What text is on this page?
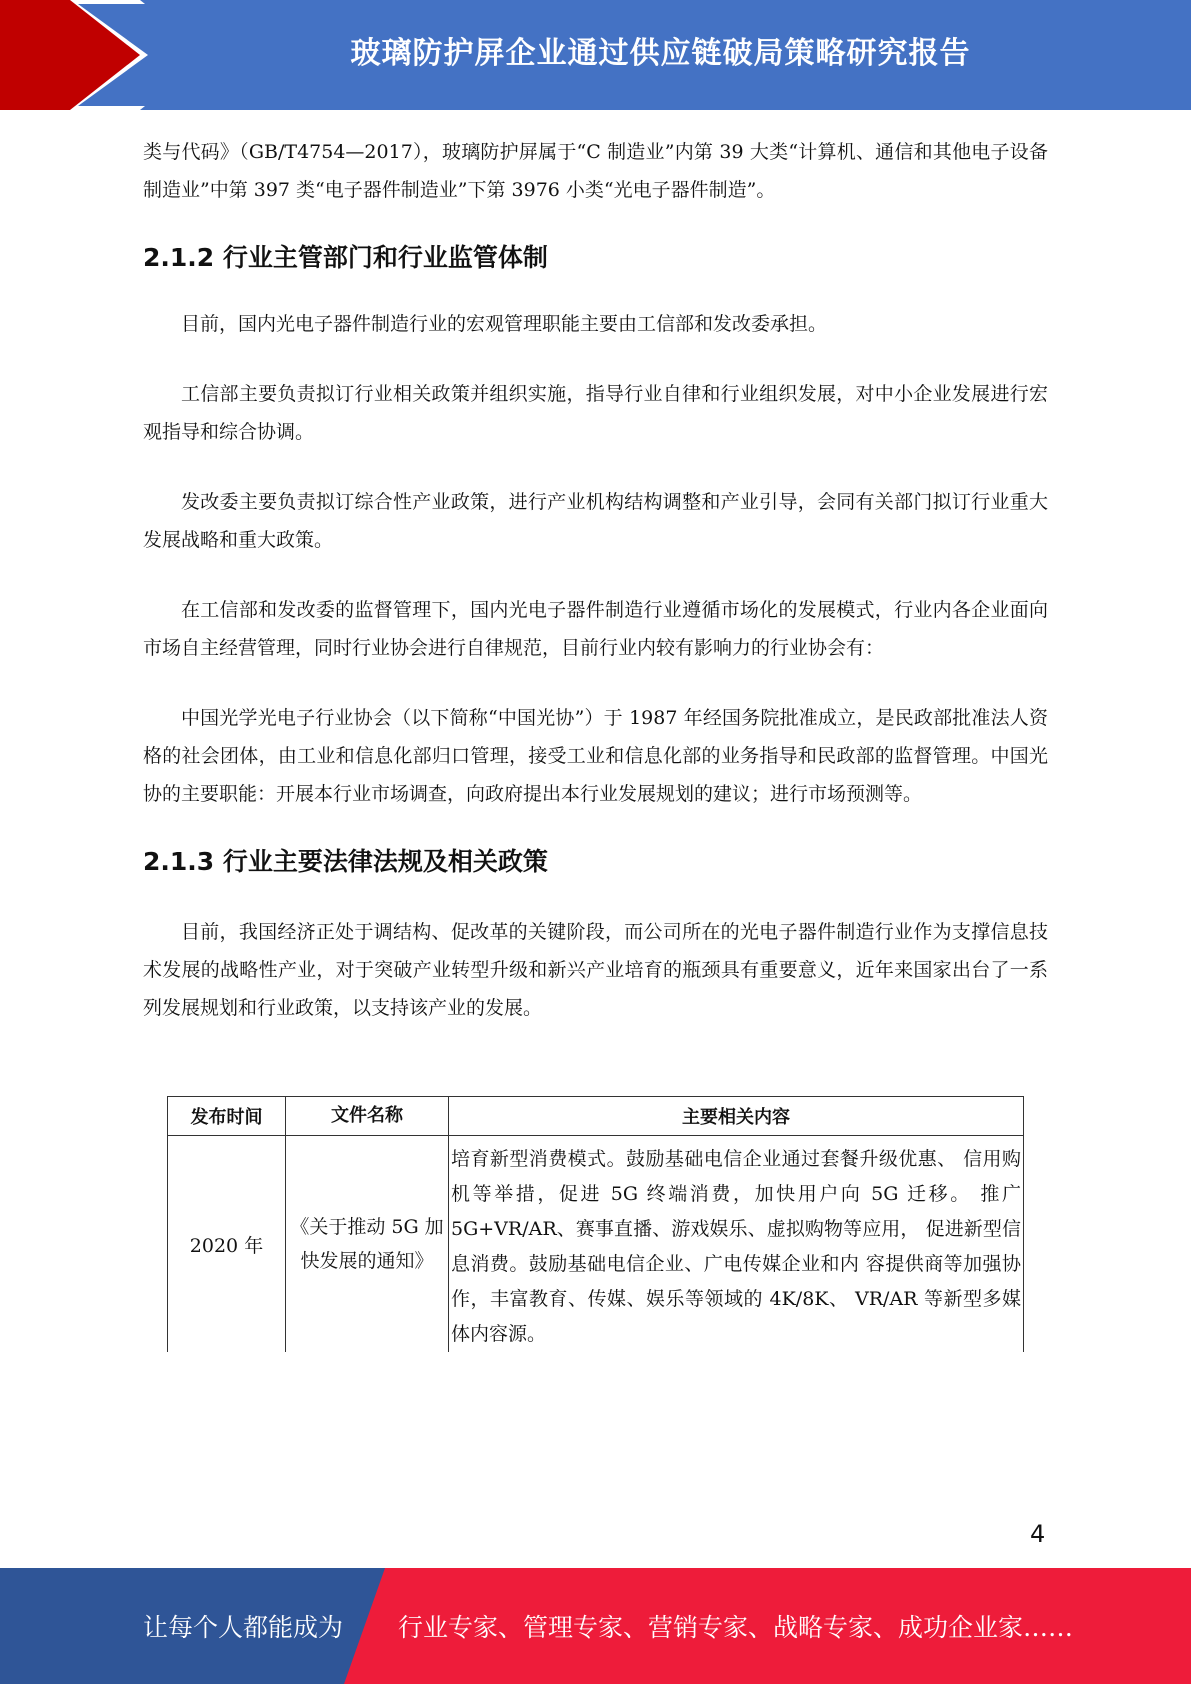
玻璃防护屏企业通过供应链破局策略研究报告

类与代码》（GB/T4754—2017），玻璃防护屏属于“C 制造业”内第 39 大类“计算机、通信和其他电子设备制造业”中第 397 类“电子器件制造业”下第 3976 小类“光电子器件制造”。

2.1.2 行业主管部门和行业监管体制

目前，国内光电子器件制造行业的宏观管理职能主要由工信部和发改委承担。

工信部主要负责拟订行业相关政策并组织实施，指导行业自律和行业组织发展，对中小企业发展进行宏观指导和综合协调。

发改委主要负责拟订综合性产业政策，进行产业机构结构调整和产业引导，会同有关部门拟订行业重大发展战略和重大政策。

在工信部和发改委的监督管理下，国内光电子器件制造行业遵循市场化的发展模式，行业内各企业面向市场自主经营管理，同时行业协会进行自律规范，目前行业内较有影响力的行业协会有：

中国光学光电子行业协会（以下简称“中国光协”）于 1987 年经国务院批准成立，是民政部批准法人资格的社会团体，由工业和信息化部归口管理，接受工业和信息化部的业务指导和民政部的监督管理。中国光协的主要职能：开展本行业市场调查，向政府提出本行业发展规划的建议；进行市场预测等。

2.1.3 行业主要法律法规及相关政策

目前，我国经济正处于调结构、促改革的关键阶段，而公司所在的光电子器件制造行业作为支撑信息技术发展的战略性产业，对于突破产业转型升级和新兴产业培育的瓶颈具有重要意义，近年来国家出台了一系列发展规划和行业政策，以支持该产业的发展。

发布时间	文件名称	主要相关内容
2020 年	《关于推动 5G 加快发展的通知》	培育新型消费模式。鼓励基础电信企业通过套餐升级优惠、 信用购机等举措，促进 5G 终端消费，加快用户向 5G 迁移。 推广 5G+VR/AR、赛事直播、游戏娱乐、虚拟购物等应用， 促进新型信息消费。鼓励基础电信企业、广电传媒企业和内 容提供商等加强协作，丰富教育、传媒、娱乐等领域的 4K/8K、 VR/AR 等新型多媒体内容源。
4
让每个人都能成为 行业专家、管理专家、营销专家、战略专家、成功企业家……
